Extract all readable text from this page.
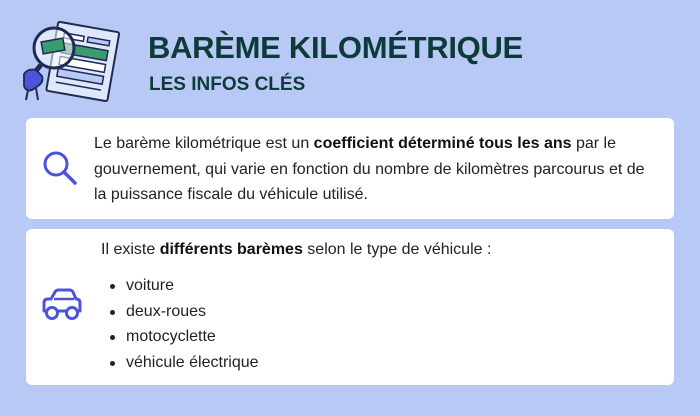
BARÈME KILOMÉTRIQUE
LES INFOS CLÉS
Le barème kilométrique est un coefficient déterminé tous les ans par le gouvernement, qui varie en fonction du nombre de kilomètres parcourus et de la puissance fiscale du véhicule utilisé.
Il existe différents barèmes selon le type de véhicule :
voiture
deux-roues
motocyclette
véhicule électrique
